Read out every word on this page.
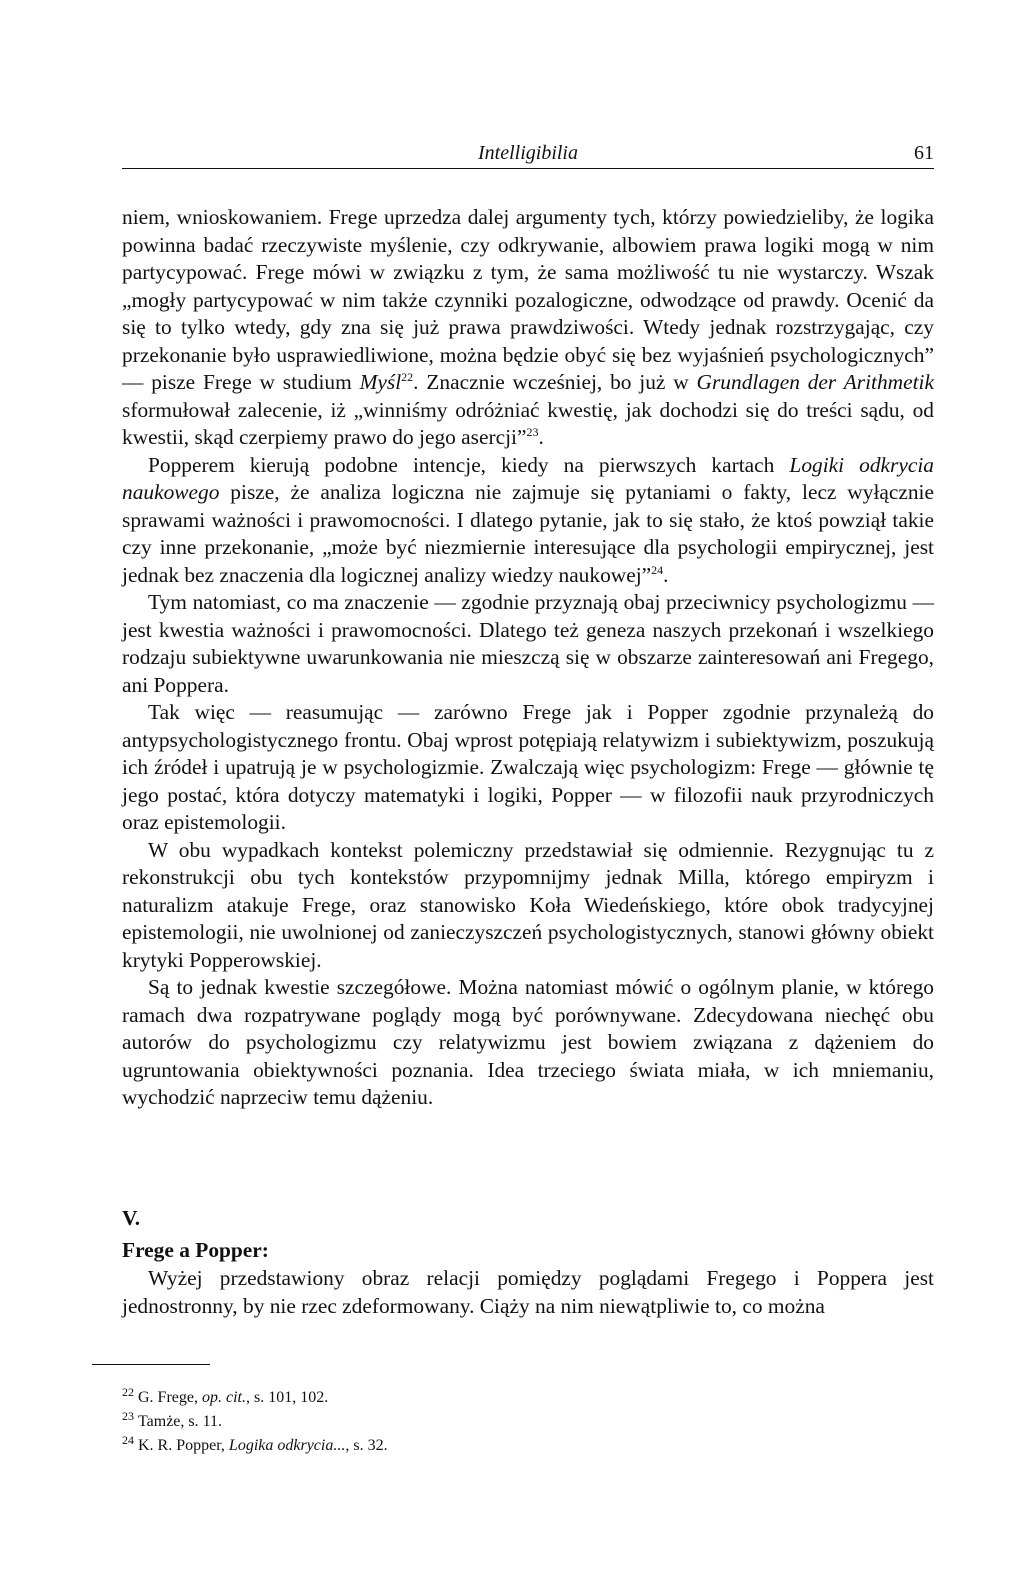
Intelligibilia	61

niem, wnioskowaniem. Frege uprzedza dalej argumenty tych, którzy powiedzieliby, że logika powinna badać rzeczywiste myślenie, czy odkrywanie, albowiem prawa logiki mogą w nim partycypować. Frege mówi w związku z tym, że sama możliwość tu nie wystarczy. Wszak „mogły partycypować w nim także czynniki pozalogiczne, odwodzące od prawdy. Ocenić da się to tylko wtedy, gdy zna się już prawa prawdziwości. Wtedy jednak rozstrzygając, czy przekonanie było usprawiedliwione, można będzie obyć się bez wyjaśnień psychologicznych” — pisze Frege w studium Myśl$^{22}$. Znacznie wcześniej, bo już w Grundlagen der Arithmetik sformułował zalecenie, iż „winniśmy odróżniać kwestię, jak dochodzi się do treści sądu, od kwestii, skąd czerpiemy prawo do jego asercji”$^{23}$.

Popperem kierują podobne intencje, kiedy na pierwszych kartach Logiki odkrycia naukowego pisze, że analiza logiczna nie zajmuje się pytaniami o fakty, lecz wyłącznie sprawami ważności i prawomocności. I dlatego pytanie, jak to się stało, że ktoś powziął takie czy inne przekonanie, „może być niezmiernie interesujące dla psychologii empirycznej, jest jednak bez znaczenia dla logicznej analizy wiedzy naukowej”$^{24}$.

Tym natomiast, co ma znaczenie — zgodnie przyznają obaj przeciwnicy psychologizmu — jest kwestia ważności i prawomocności. Dlatego też geneza naszych przekonań i wszelkiego rodzaju subiektywne uwarunkowania nie mieszczą się w obszarze zainteresowań ani Fregego, ani Poppera.

Tak więc — reasumując — zarówno Frege jak i Popper zgodnie przynależą do antypsychologistycznego frontu. Obaj wprost potępiają relatywizm i subiektywizm, poszukują ich źródeł i upatrują je w psychologizmie. Zwalczają więc psychologizm: Frege — głównie tę jego postać, która dotyczy matematyki i logiki, Popper — w filozofii nauk przyrodniczych oraz epistemologii.

W obu wypadkach kontekst polemiczny przedstawiał się odmiennie. Rezygnując tu z rekonstrukcji obu tych kontekstów przypomnijmy jednak Milla, którego empiryzm i naturalizm atakuje Frege, oraz stanowisko Koła Wiedeńskiego, które obok tradycyjnej epistemologii, nie uwolnionej od zanieczyszczeń psychologistycznych, stanowi główny obiekt krytyki Popperowskiej.

Są to jednak kwestie szczegółowe. Można natomiast mówić o ogólnym planie, w którego ramach dwa rozpatrywane poglądy mogą być porównywane. Zdecydowana niechęć obu autorów do psychologizmu czy relatywizmu jest bowiem związana z dążeniem do ugruntowania obiektywności poznania. Idea trzeciego świata miała, w ich mniemaniu, wychodzić naprzeciw temu dążeniu.

V.
Frege a Popper:

Wyżej przedstawiony obraz relacji pomiędzy poglądami Fregego i Poppera jest jednostronny, by nie rzec zdeformowany. Ciąży na nim niewątpliwie to, co można

$^{22}$ G. Frege, op. cit., s. 101, 102.
$^{23}$ Tamże, s. 11.
$^{24}$ K. R. Popper, Logika odkrycia..., s. 32.
